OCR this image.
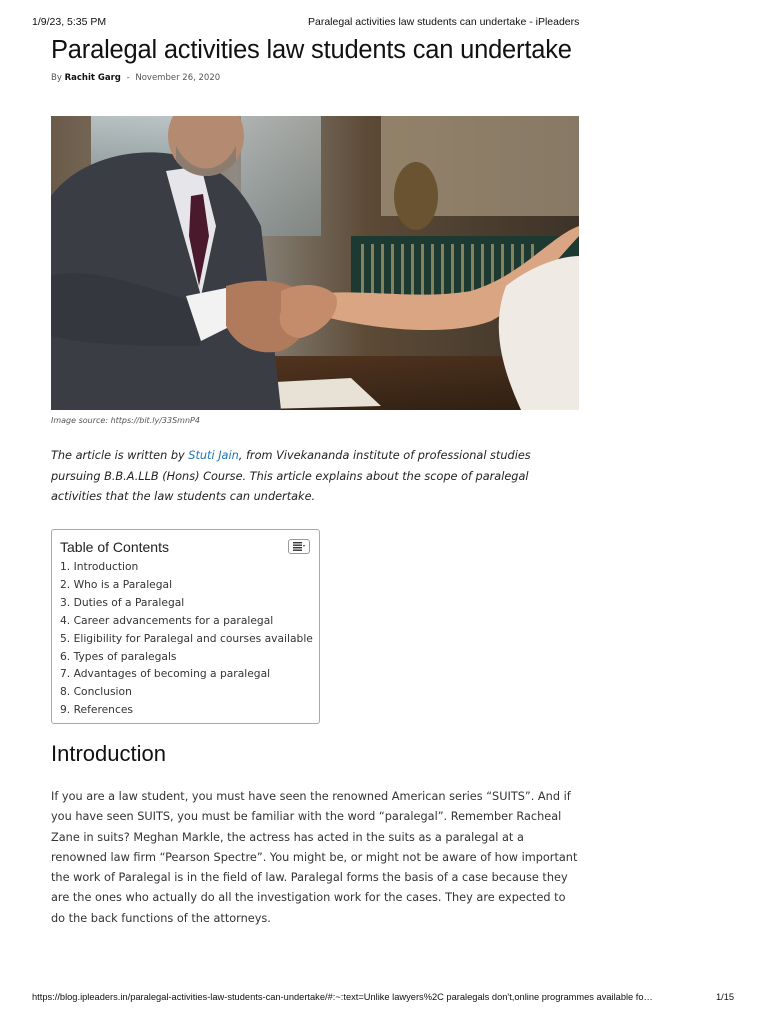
1/9/23, 5:35 PM	Paralegal activities law students can undertake - iPleaders
Paralegal activities law students can undertake
By Rachit Garg - November 26, 2020
Image source: https://bit.ly/33SmnP4

The article is written by Stuti Jain, from Vivekananda institute of professional studies pursuing B.B.A.LLB (Hons) Course. This article explains about the scope of paralegal activities that the law students can undertake.

Table of Contents
1. Introduction
2. Who is a Paralegal
3. Duties of a Paralegal
4. Career advancements for a paralegal
5. Eligibility for Paralegal and courses available
6. Types of paralegals
7. Advantages of becoming a paralegal
8. Conclusion
9. References
Introduction

If you are a law student, you must have seen the renowned American series “SUITS”. And if you have seen SUITS, you must be familiar with the word “paralegal”. Remember Racheal Zane in suits? Meghan Markle, the actress has acted in the suits as a paralegal at a renowned law firm “Pearson Spectre”. You might be, or might not be aware of how important the work of Paralegal is in the field of law. Paralegal forms the basis of a case because they are the ones who actually do all the investigation work for the cases. They are expected to do the back functions of the attorneys.

https://blog.ipleaders.in/paralegal-activities-law-students-can-undertake/#:~:text=Unlike lawyers%2C paralegals don't,online programmes available fo…	1/15
